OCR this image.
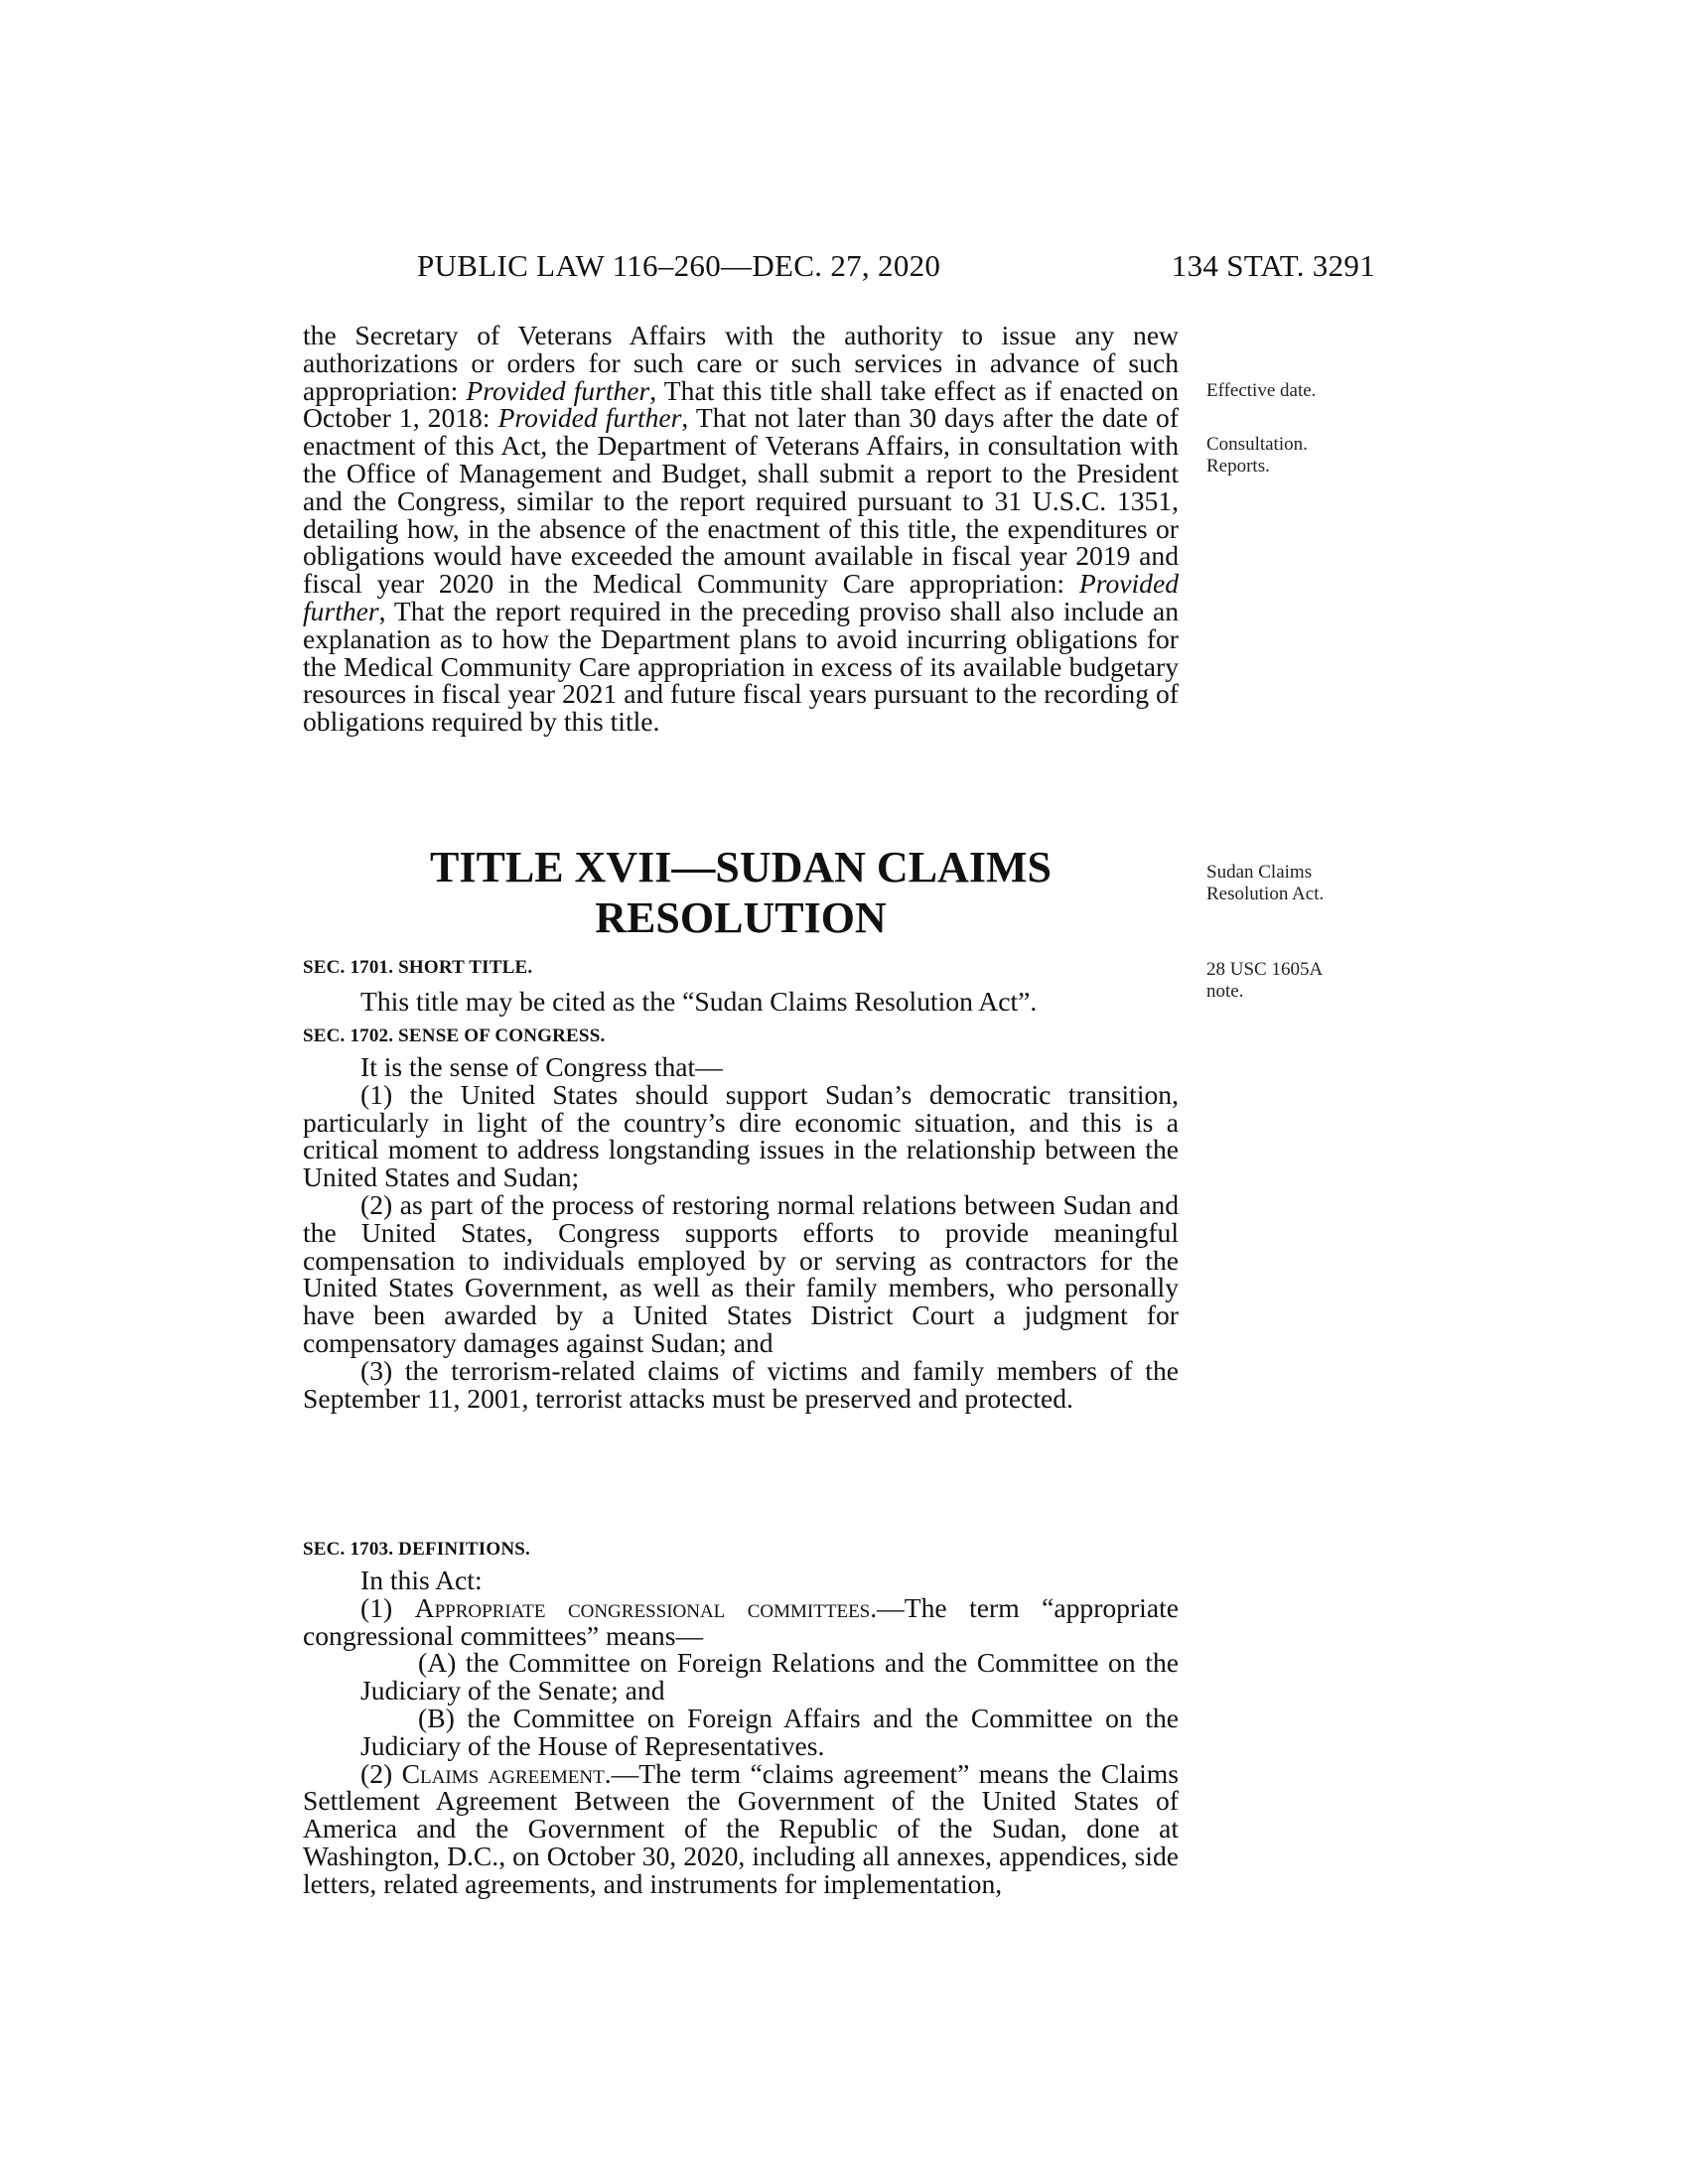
PUBLIC LAW 116–260—DEC. 27, 2020	134 STAT. 3291

the Secretary of Veterans Affairs with the authority to issue any new authorizations or orders for such care or such services in advance of such appropriation: Provided further, That this title shall take effect as if enacted on October 1, 2018: Provided further, That not later than 30 days after the date of enactment of this Act, the Department of Veterans Affairs, in consultation with the Office of Management and Budget, shall submit a report to the President and the Congress, similar to the report required pursuant to 31 U.S.C. 1351, detailing how, in the absence of the enactment of this title, the expenditures or obligations would have exceeded the amount available in fiscal year 2019 and fiscal year 2020 in the Medical Community Care appropriation: Provided further, That the report required in the preceding proviso shall also include an explanation as to how the Department plans to avoid incurring obligations for the Medical Community Care appropriation in excess of its available budgetary resources in fiscal year 2021 and future fiscal years pursuant to the recording of obligations required by this title.

Effective date.
Consultation.
Reports.
TITLE XVII—SUDAN CLAIMS
RESOLUTION
Sudan Claims
Resolution Act.
SEC. 1701. SHORT TITLE.

This title may be cited as the “Sudan Claims Resolution Act”.

28 USC 1605A
note.
SEC. 1702. SENSE OF CONGRESS.

It is the sense of Congress that—

(1) the United States should support Sudan’s democratic transition, particularly in light of the country’s dire economic situation, and this is a critical moment to address longstanding issues in the relationship between the United States and Sudan;

(2) as part of the process of restoring normal relations between Sudan and the United States, Congress supports efforts to provide meaningful compensation to individuals employed by or serving as contractors for the United States Government, as well as their family members, who personally have been awarded by a United States District Court a judgment for compensatory damages against Sudan; and

(3) the terrorism-related claims of victims and family members of the September 11, 2001, terrorist attacks must be preserved and protected.

SEC. 1703. DEFINITIONS.

In this Act:

(1) Appropriate congressional committees.—The term “appropriate congressional committees” means—

(A) the Committee on Foreign Relations and the Committee on the Judiciary of the Senate; and

(B) the Committee on Foreign Affairs and the Committee on the Judiciary of the House of Representatives.

(2) Claims agreement.—The term “claims agreement” means the Claims Settlement Agreement Between the Government of the United States of America and the Government of the Republic of the Sudan, done at Washington, D.C., on October 30, 2020, including all annexes, appendices, side letters, related agreements, and instruments for implementation,
